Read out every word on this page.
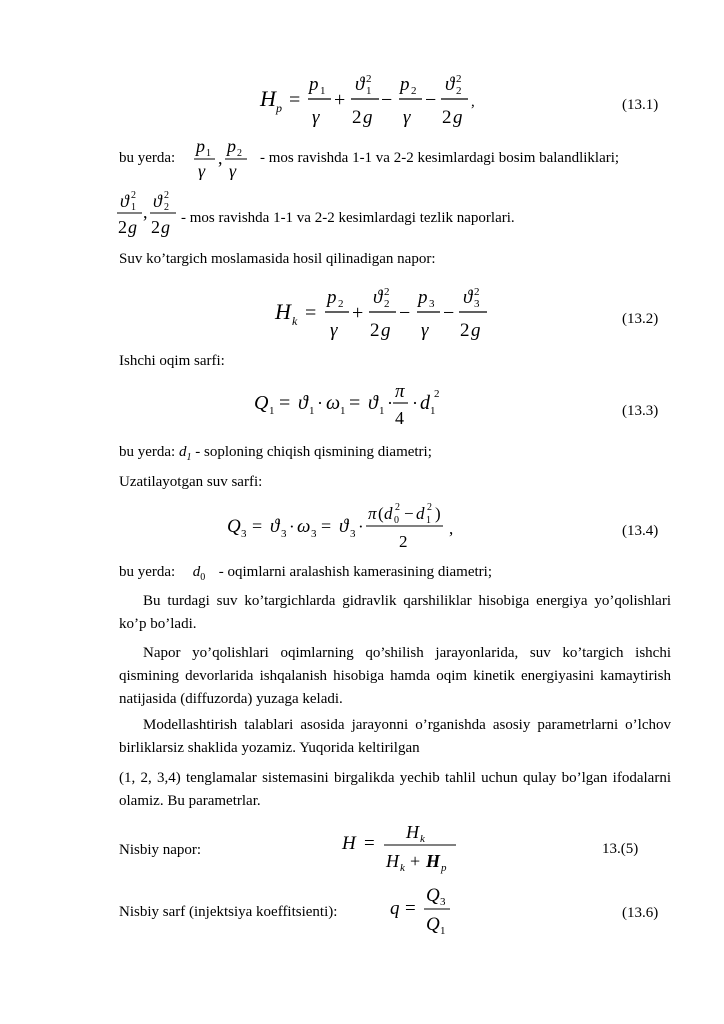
H p =
p 1
γ
+
ϑ 2
1
2 g
−
p 2
γ
−
ϑ 2
2
2 g
,	(13.1)
bu yerda:
p 1
γ
,
p 2
γ
- mos ravishda 1-1 va 2-2 kesimlardagi bosim balandliklari;
ϑ 2
1
2 g
,
ϑ 2
2
2 g - mos ravishda 1-1 va 2-2 kesimlardagi tezlik naporlari.
Suv ko’targich moslamasida hosil qilinadigan napor:
H k =
p 2
γ
+
ϑ 2
2
2 g
−
p 3
γ
−
ϑ 2
3
2 g
(13.2)
Ishchi oqim sarfi:
Q 1 = ϑ 1 · ω 1 = ϑ 1 ·
π
4
· d 1
2
(13.3)
bu yerda: $d_1$ - soploning chiqish qismining diametri;
Uzatilayotgan suv sarfi:
Q 3 = ϑ 3 · ω 3 = ϑ 3 ·
π ( d 0
2 − d 1
2 )
2
,	(13.4)
bu yerda: $d_0$ - oqimlarni aralashish kamerasining diametri;
Bu turdagi suv ko’targichlarda gidravlik qarshiliklar hisobiga energiya yo’qolishlari ko’p bo’ladi.
Napor yo’qolishlari oqimlarning qo’shilish jarayonlarida, suv ko’targich ishchi qismining devorlarida ishqalanish hisobiga hamda oqim kinetik energiyasini kamaytirish natijasida (diffuzorda) yuzaga keladi.
Modellashtirish talablari asosida jarayonni o’rganishda asosiy parametrlarni o’lchov birliklarsiz shaklida yozamiz. Yuqorida keltirilgan
(1, 2, 3,4) tenglamalar sistemasini birgalikda yechib tahlil uchun qulay bo’lgan ifodalarni olamiz. Bu parametrlar.
Nisbiy napor:	H =
H k
H k + H p
13.(5)
Nisbiy sarf (injektsiya koeffitsienti):	q =
Q 3
Q 1
(13.6)
